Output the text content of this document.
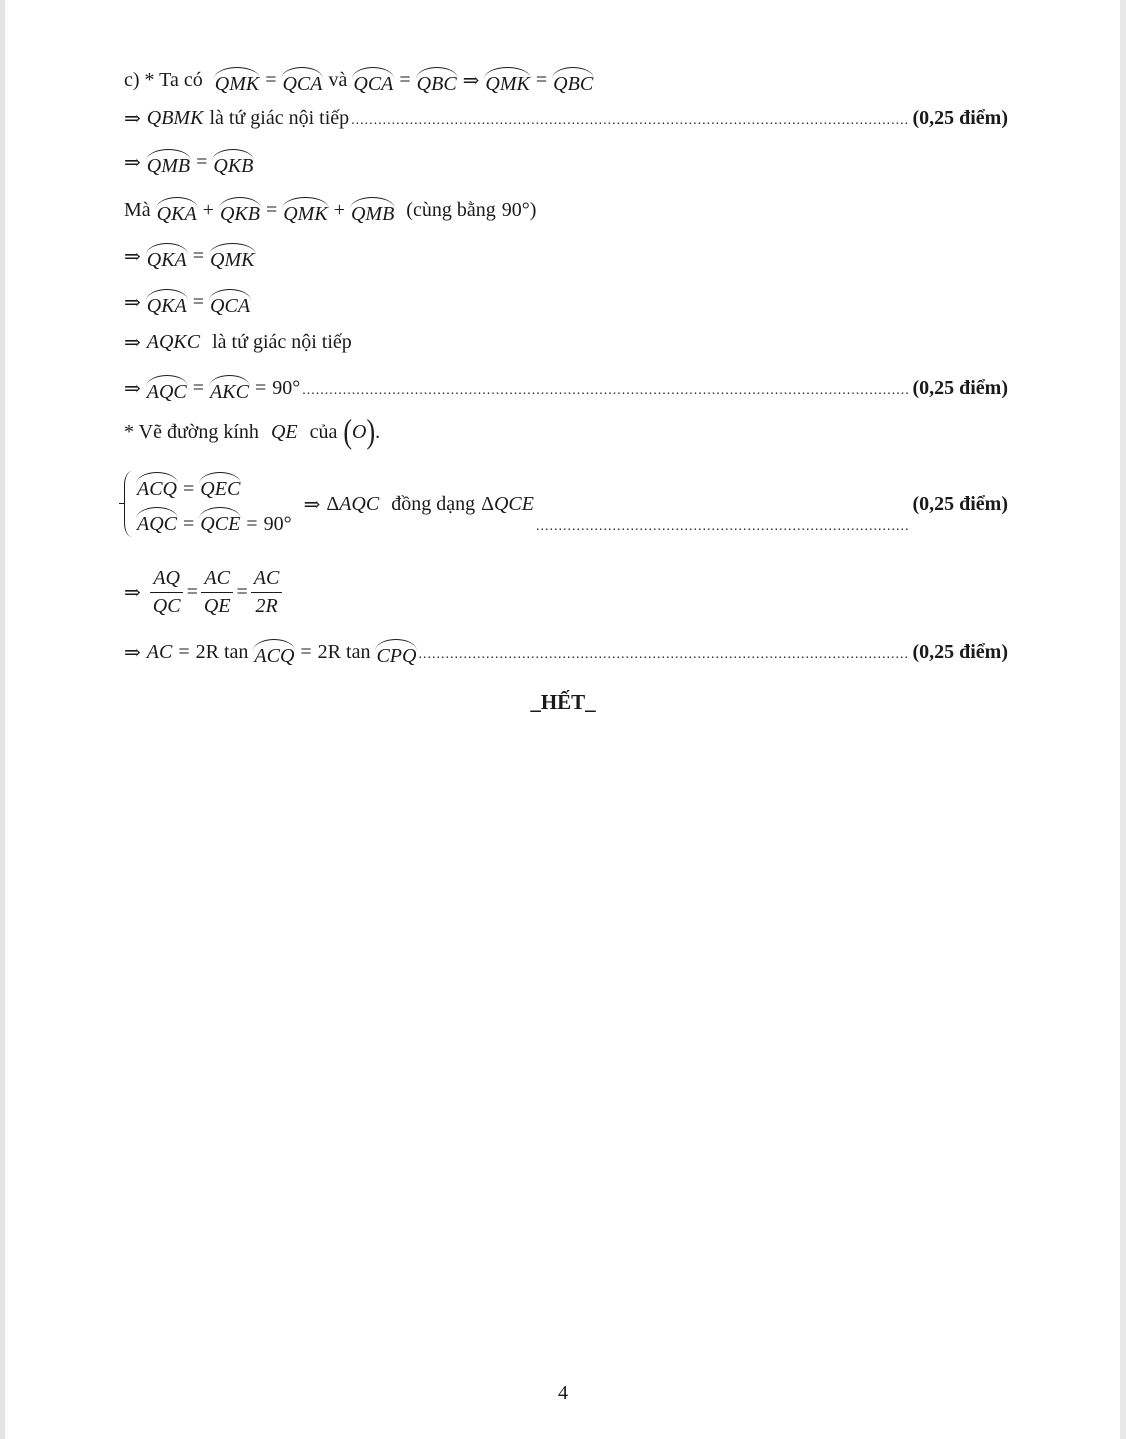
c) * Ta có QMK = QCA và QCA = QBC ⇒ QMK = QBC
⇒ QBMK là tứ giác nội tiếp .....	(0,25 điểm)
⇒ QMB = QKB
Mà QKA + QKB = QMK + QMB (cùng bằng 90° )
⇒ QKA = QMK
⇒ QKA = QCA
⇒ AQKC là tứ giác nội tiếp
⇒ AQC = AKC = 90° .....	(0,25 điểm)
* Vẽ đường kính QE của ( O ) .
ACQ = QEC
AQC = QCE = 90°
⇒ Δ AQC đồng dạng Δ QCE
.....	(0,25 điểm)
⇒ $\frac{AQ}{QC} = \frac{AC}{QE} = \frac{AC}{2R}$
⇒ AC = 2R tan ACQ = 2R tan CPQ .....	(0,25 điểm)
_HẾT_
4
